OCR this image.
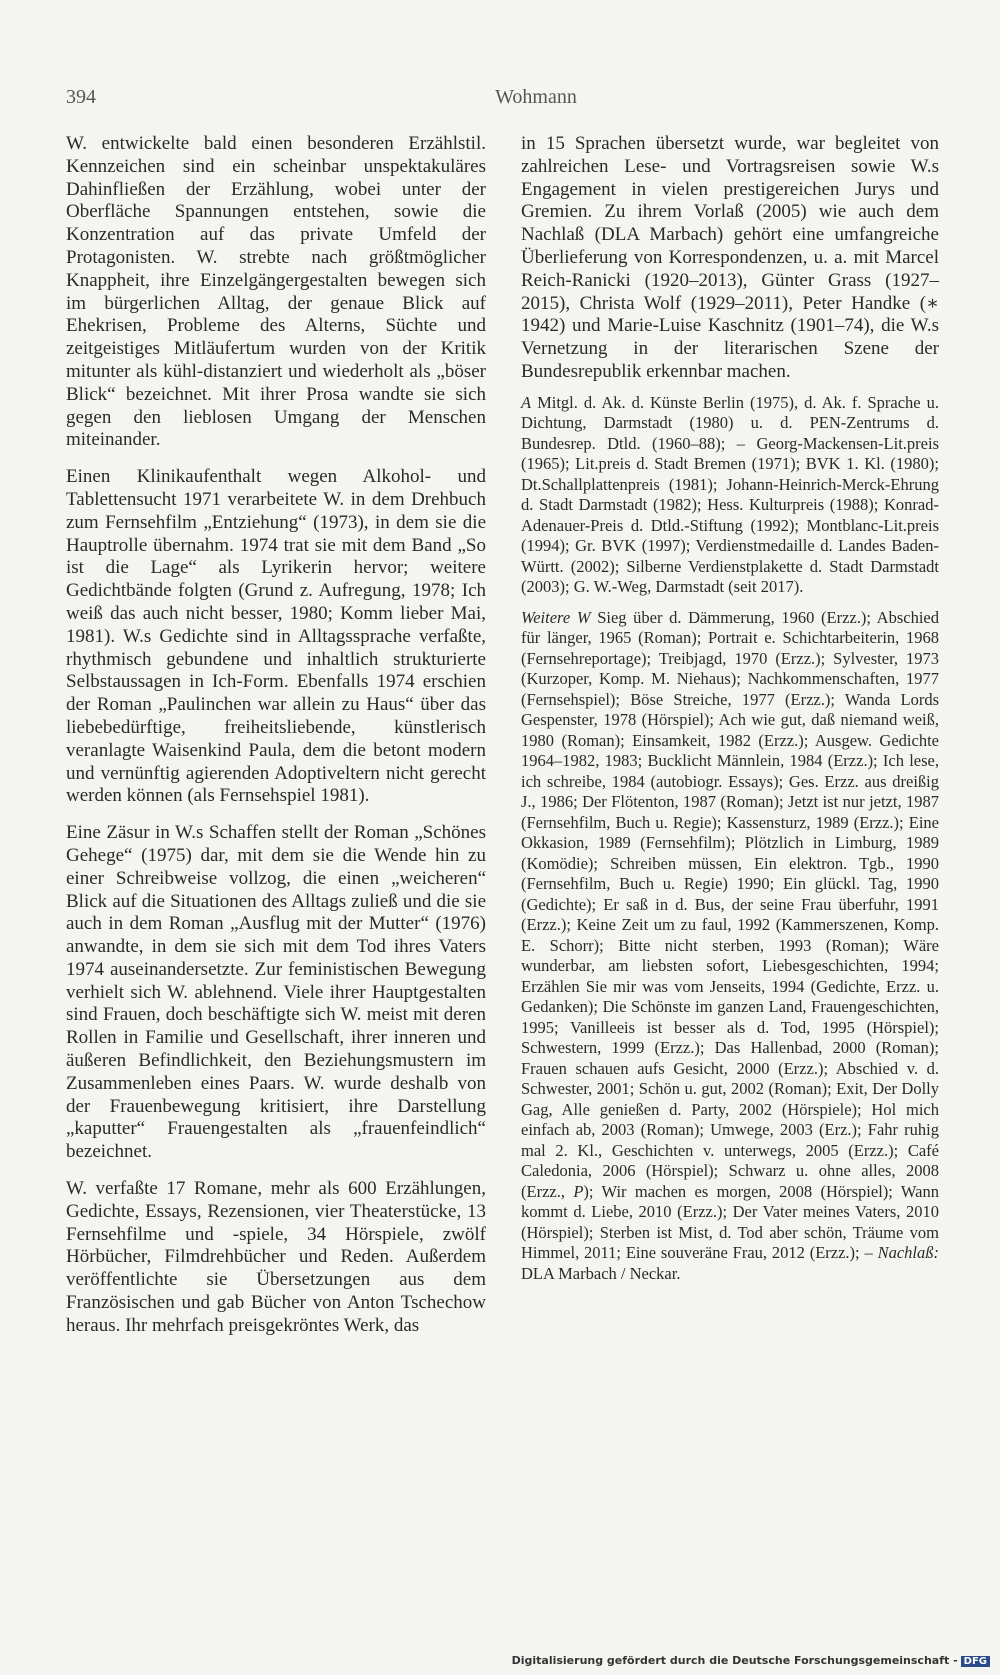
394	Wohmann

W. entwickelte bald einen besonderen Erzählstil. Kennzeichen sind ein scheinbar unspektakuläres Dahinfließen der Erzählung, wobei unter der Oberfläche Spannungen entstehen, sowie die Konzentration auf das private Umfeld der Protagonisten. W. strebte nach größtmöglicher Knappheit, ihre Einzelgängergestalten bewegen sich im bürgerlichen Alltag, der genaue Blick auf Ehekrisen, Probleme des Alterns, Süchte und zeitgeistiges Mitläufertum wurden von der Kritik mitunter als kühl-distanziert und wiederholt als „böser Blick“ bezeichnet. Mit ihrer Prosa wandte sie sich gegen den lieblosen Umgang der Menschen miteinander.

Einen Klinikaufenthalt wegen Alkohol- und Tablettensucht 1971 verarbeitete W. in dem Drehbuch zum Fernsehfilm „Entziehung“ (1973), in dem sie die Hauptrolle übernahm. 1974 trat sie mit dem Band „So ist die Lage“ als Lyrikerin hervor; weitere Gedichtbände folgten (Grund z. Aufregung, 1978; Ich weiß das auch nicht besser, 1980; Komm lieber Mai, 1981). W.s Gedichte sind in Alltagssprache verfaßte, rhythmisch gebundene und inhaltlich strukturierte Selbstaussagen in Ich-Form. Ebenfalls 1974 erschien der Roman „Paulinchen war allein zu Haus“ über das liebebedürftige, freiheitsliebende, künstlerisch veranlagte Waisenkind Paula, dem die betont modern und vernünftig agierenden Adoptiveltern nicht gerecht werden können (als Fernsehspiel 1981).

Eine Zäsur in W.s Schaffen stellt der Roman „Schönes Gehege“ (1975) dar, mit dem sie die Wende hin zu einer Schreibweise vollzog, die einen „weicheren“ Blick auf die Situationen des Alltags zuließ und die sie auch in dem Roman „Ausflug mit der Mutter“ (1976) anwandte, in dem sie sich mit dem Tod ihres Vaters 1974 auseinandersetzte. Zur feministischen Bewegung verhielt sich W. ablehnend. Viele ihrer Hauptgestalten sind Frauen, doch beschäftigte sich W. meist mit deren Rollen in Familie und Gesellschaft, ihrer inneren und äußeren Befindlichkeit, den Beziehungsmustern im Zusammenleben eines Paars. W. wurde deshalb von der Frauenbewegung kritisiert, ihre Darstellung „kaputter“ Frauengestalten als „frauenfeindlich“ bezeichnet.

W. verfaßte 17 Romane, mehr als 600 Erzählungen, Gedichte, Essays, Rezensionen, vier Theaterstücke, 13 Fernsehfilme und -spiele, 34 Hörspiele, zwölf Hörbücher, Filmdrehbücher und Reden. Außerdem veröffentlichte sie Übersetzungen aus dem Französischen und gab Bücher von Anton Tschechow heraus. Ihr mehrfach preisgekröntes Werk, das

in 15 Sprachen übersetzt wurde, war begleitet von zahlreichen Lese- und Vortragsreisen sowie W.s Engagement in vielen prestigereichen Jurys und Gremien. Zu ihrem Vorlaß (2005) wie auch dem Nachlaß (DLA Marbach) gehört eine umfangreiche Überlieferung von Korrespondenzen, u. a. mit Marcel Reich-Ranicki (1920–2013), Günter Grass (1927–2015), Christa Wolf (1929–2011), Peter Handke (∗ 1942) und Marie-Luise Kaschnitz (1901–74), die W.s Vernetzung in der literarischen Szene der Bundesrepublik erkennbar machen.

A Mitgl. d. Ak. d. Künste Berlin (1975), d. Ak. f. Sprache u. Dichtung, Darmstadt (1980) u. d. PEN-Zentrums d. Bundesrep. Dtld. (1960–88); – Georg-Mackensen-Lit.preis (1965); Lit.preis d. Stadt Bremen (1971); BVK 1. Kl. (1980); Dt.Schallplattenpreis (1981); Johann-Heinrich-Merck-Ehrung d. Stadt Darmstadt (1982); Hess. Kulturpreis (1988); Konrad-Adenauer-Preis d. Dtld.-Stiftung (1992); Montblanc-Lit.preis (1994); Gr. BVK (1997); Verdienstmedaille d. Landes Baden-Württ. (2002); Silberne Verdienstplakette d. Stadt Darmstadt (2003); G. W.-Weg, Darmstadt (seit 2017).

Weitere W Sieg über d. Dämmerung, 1960 (Erzz.); Abschied für länger, 1965 (Roman); Portrait e. Schichtarbeiterin, 1968 (Fernsehreportage); Treibjagd, 1970 (Erzz.); Sylvester, 1973 (Kurzoper, Komp. M. Niehaus); Nachkommenschaften, 1977 (Fernsehspiel); Böse Streiche, 1977 (Erzz.); Wanda Lords Gespenster, 1978 (Hörspiel); Ach wie gut, daß niemand weiß, 1980 (Roman); Einsamkeit, 1982 (Erzz.); Ausgew. Gedichte 1964–1982, 1983; Bucklicht Männlein, 1984 (Erzz.); Ich lese, ich schreibe, 1984 (autobiogr. Essays); Ges. Erzz. aus dreißig J., 1986; Der Flötenton, 1987 (Roman); Jetzt ist nur jetzt, 1987 (Fernsehfilm, Buch u. Regie); Kassensturz, 1989 (Erzz.); Eine Okkasion, 1989 (Fernsehfilm); Plötzlich in Limburg, 1989 (Komödie); Schreiben müssen, Ein elektron. Tgb., 1990 (Fernsehfilm, Buch u. Regie) 1990; Ein glückl. Tag, 1990 (Gedichte); Er saß in d. Bus, der seine Frau überfuhr, 1991 (Erzz.); Keine Zeit um zu faul, 1992 (Kammerszenen, Komp. E. Schorr); Bitte nicht sterben, 1993 (Roman); Wäre wunderbar, am liebsten sofort, Liebesgeschichten, 1994; Erzählen Sie mir was vom Jenseits, 1994 (Gedichte, Erzz. u. Gedanken); Die Schönste im ganzen Land, Frauengeschichten, 1995; Vanilleeis ist besser als d. Tod, 1995 (Hörspiel); Schwestern, 1999 (Erzz.); Das Hallenbad, 2000 (Roman); Frauen schauen aufs Gesicht, 2000 (Erzz.); Abschied v. d. Schwester, 2001; Schön u. gut, 2002 (Roman); Exit, Der Dolly Gag, Alle genießen d. Party, 2002 (Hörspiele); Hol mich einfach ab, 2003 (Roman); Umwege, 2003 (Erz.); Fahr ruhig mal 2. Kl., Geschichten v. unterwegs, 2005 (Erzz.); Café Caledonia, 2006 (Hörspiel); Schwarz u. ohne alles, 2008 (Erzz., P); Wir machen es morgen, 2008 (Hörspiel); Wann kommt d. Liebe, 2010 (Erzz.); Der Vater meines Vaters, 2010 (Hörspiel); Sterben ist Mist, d. Tod aber schön, Träume vom Himmel, 2011; Eine souveräne Frau, 2012 (Erzz.); – Nachlaß: DLA Marbach / Neckar.

Digitalisierung gefördert durch die Deutsche Forschungsgemeinschaft - DFG
